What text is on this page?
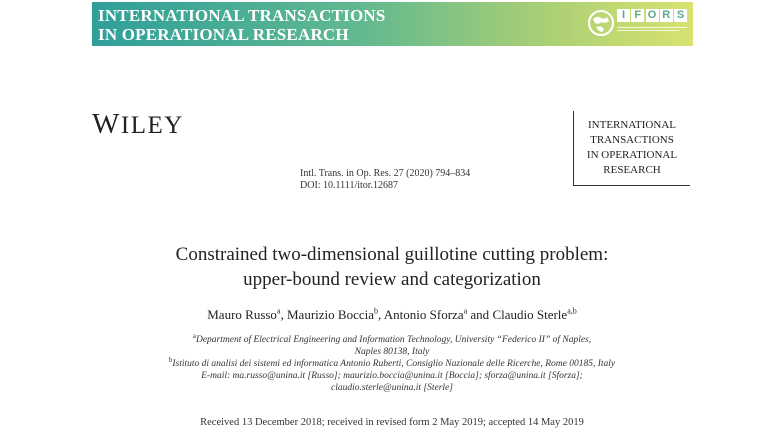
INTERNATIONAL TRANSACTIONS
IN OPERATIONAL RESEARCH
I F O R S
WILEY	INTERNATIONAL
TRANSACTIONS
IN OPERATIONAL
RESEARCH
Intl. Trans. in Op. Res. 27 (2020) 794–834
DOI: 10.1111/itor.12687
Constrained two-dimensional guillotine cutting problem:
upper-bound review and categorization
Mauro Russo$^a$, Maurizio Boccia$^b$, Antonio Sforza$^a$ and Claudio Sterle$^{a,b}$
$^a$Department of Electrical Engineering and Information Technology, University “Federico II” of Naples,
Naples 80138, Italy
$^b$Istituto di analisi dei sistemi ed informatica Antonio Ruberti, Consiglio Nazionale delle Ricerche, Rome 00185, Italy
E-mail: ma.russo@unina.it [Russo]; maurizio.boccia@unina.it [Boccia]; sforza@unina.it [Sforza];
claudio.sterle@unina.it [Sterle]
Received 13 December 2018; received in revised form 2 May 2019; accepted 14 May 2019
